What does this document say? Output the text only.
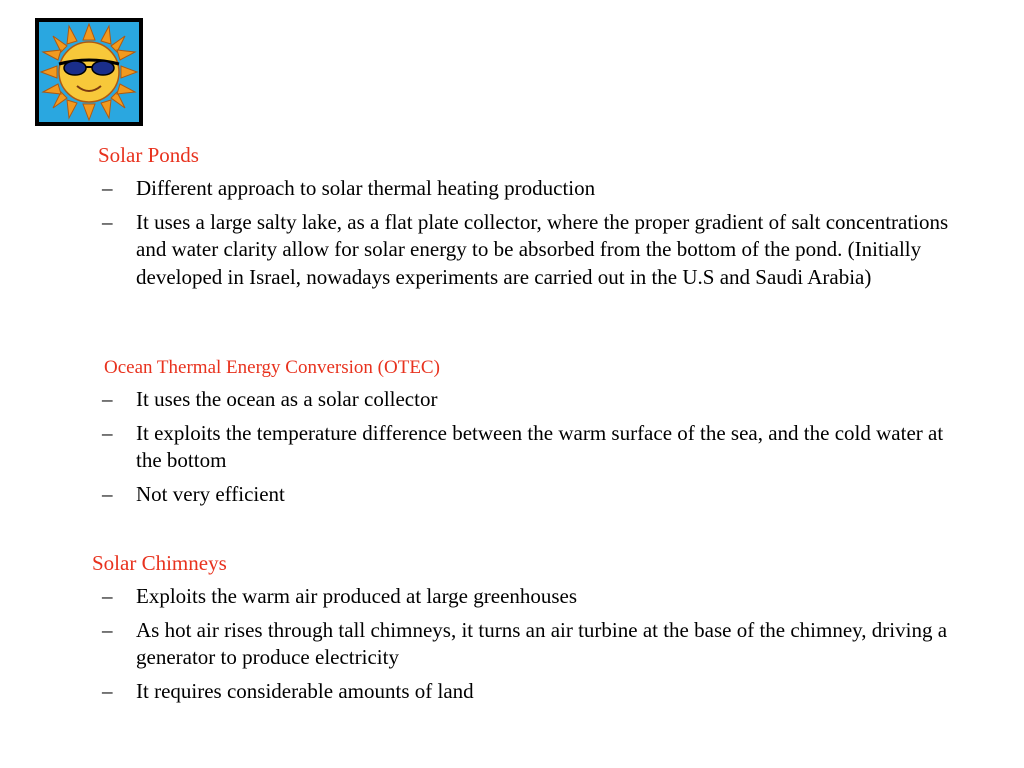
Solar Ponds

– Different approach to solar thermal heating production
– It uses a large salty lake, as a flat plate collector, where the proper gradient of salt concentrations and water clarity allow for solar energy to be absorbed from the bottom of the pond. (Initially developed in Israel, nowadays experiments are carried out in the U.S and Saudi Arabia)

Ocean Thermal Energy Conversion (OTEC)

– It uses the ocean as a solar collector
– It exploits the temperature difference between the warm surface of the sea, and the cold water at the bottom
– Not very efficient

Solar Chimneys

– Exploits the warm air produced at large greenhouses
– As hot air rises through tall chimneys, it turns an air turbine at the base of the chimney, driving a generator to produce electricity
– It requires considerable amounts of land
